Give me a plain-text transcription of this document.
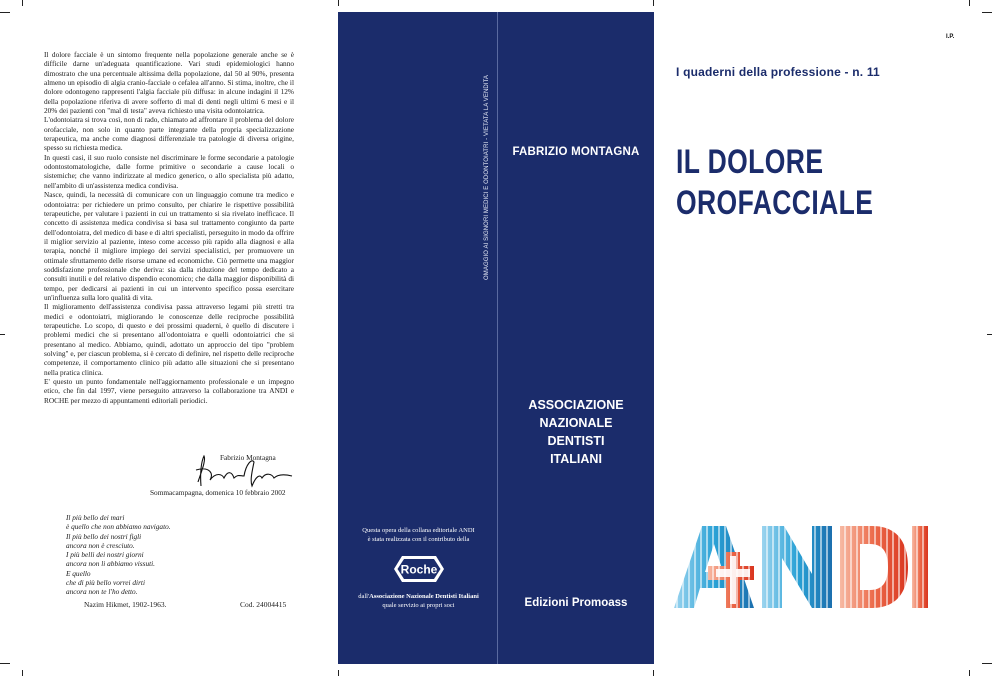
Il dolore facciale è un sintomo frequente nella popolazione generale anche se è difficile darne un'adeguata quantificazione. Vari studi epidemiologici hanno dimostrato che una percentuale altissima della popolazione, dal 50 al 90%, presenta almeno un episodio di algia cranio-facciale o cefalea all'anno. Si stima, inoltre, che il dolore odontogeno rappresenti l'algia facciale più diffusa: in alcune indagini il 12% della popolazione riferiva di avere sofferto di mal di denti negli ultimi 6 mesi e il 20% dei pazienti con "mal di testa" aveva richiesto una visita odontoiatrica.

L'odontoiatra si trova così, non di rado, chiamato ad affrontare il problema del dolore orofacciale, non solo in quanto parte integrante della propria specializzazione terapeutica, ma anche come diagnosi differenziale tra patologie di diversa origine, spesso su richiesta medica.

In questi casi, il suo ruolo consiste nel discriminare le forme secondarie a patologie odontostomatologiche, dalle forme primitive o secondarie a cause locali o sistemiche; che vanno indirizzate al medico generico, o allo specialista più adatto, nell'ambito di un'assistenza medica condivisa.

Nasce, quindi, la necessità di comunicare con un linguaggio comune tra medico e odontoiatra: per richiedere un primo consulto, per chiarire le rispettive possibilità terapeutiche, per valutare i pazienti in cui un trattamento si sia rivelato inefficace. Il concetto di assistenza medica condivisa si basa sul trattamento congiunto da parte dell'odontoiatra, del medico di base e di altri specialisti, perseguito in modo da offrire il miglior servizio al paziente, inteso come accesso più rapido alla diagnosi e alla terapia, nonché il migliore impiego dei servizi specialistici, per promuovere un ottimale sfruttamento delle risorse umane ed economiche. Ciò permette una maggior soddisfazione professionale che deriva: sia dalla riduzione del tempo dedicato a consulti inutili e del relativo dispendio economico; che dalla maggior disponibilità di tempo, per dedicarsi ai pazienti in cui un intervento specifico possa esercitare un'influenza sulla loro qualità di vita.

Il miglioramento dell'assistenza condivisa passa attraverso legami più stretti tra medici e odontoiatri, migliorando le conoscenze delle reciproche possibilità terapeutiche. Lo scopo, di questo e dei prossimi quaderni, è quello di discutere i problemi medici che si presentano all'odontoiatra e quelli odontoiatrici che si presentano al medico. Abbiamo, quindi, adottato un approccio del tipo "problem solving" e, per ciascun problema, si è cercato di definire, nel rispetto delle reciproche competenze, il comportamento clinico più adatto alle situazioni che si presentano nella pratica clinica.

E' questo un punto fondamentale nell'aggiornamento professionale e un impegno etico, che fin dal 1997, viene perseguito attraverso la collaborazione tra ANDI e ROCHE per mezzo di appuntamenti editoriali periodici.

Fabrizio Montagna
Sommacampagna, domenica 10 febbraio 2002
Il più bello dei mari
è quello che non abbiamo navigato.
Il più bello dei nostri figli
ancora non è cresciuto.
I più belli dei nostri giorni
ancora non li abbiamo vissuti.
E quello
che di più bello vorrei dirti
ancora non te l'ho detto.
Nazim Hikmet, 1902-1963.	Cod. 24004415
OMAGGIO AI SIGNORI MEDICI E ODONTOIATRI - VIETATA LA VENDITA
Questa opera della collana editoriale ANDI
è stata realizzata con il contributo della
Roche
dall'Associazione Nazionale Dentisti Italiani
quale servizio ai propri soci
FABRIZIO MONTAGNA
ASSOCIAZIONE
NAZIONALE
DENTISTI
ITALIANI
Edizioni Promoass
I.P.
I quaderni della professione - n. 11
IL DOLORE
OROFACCIALE
ANDI
